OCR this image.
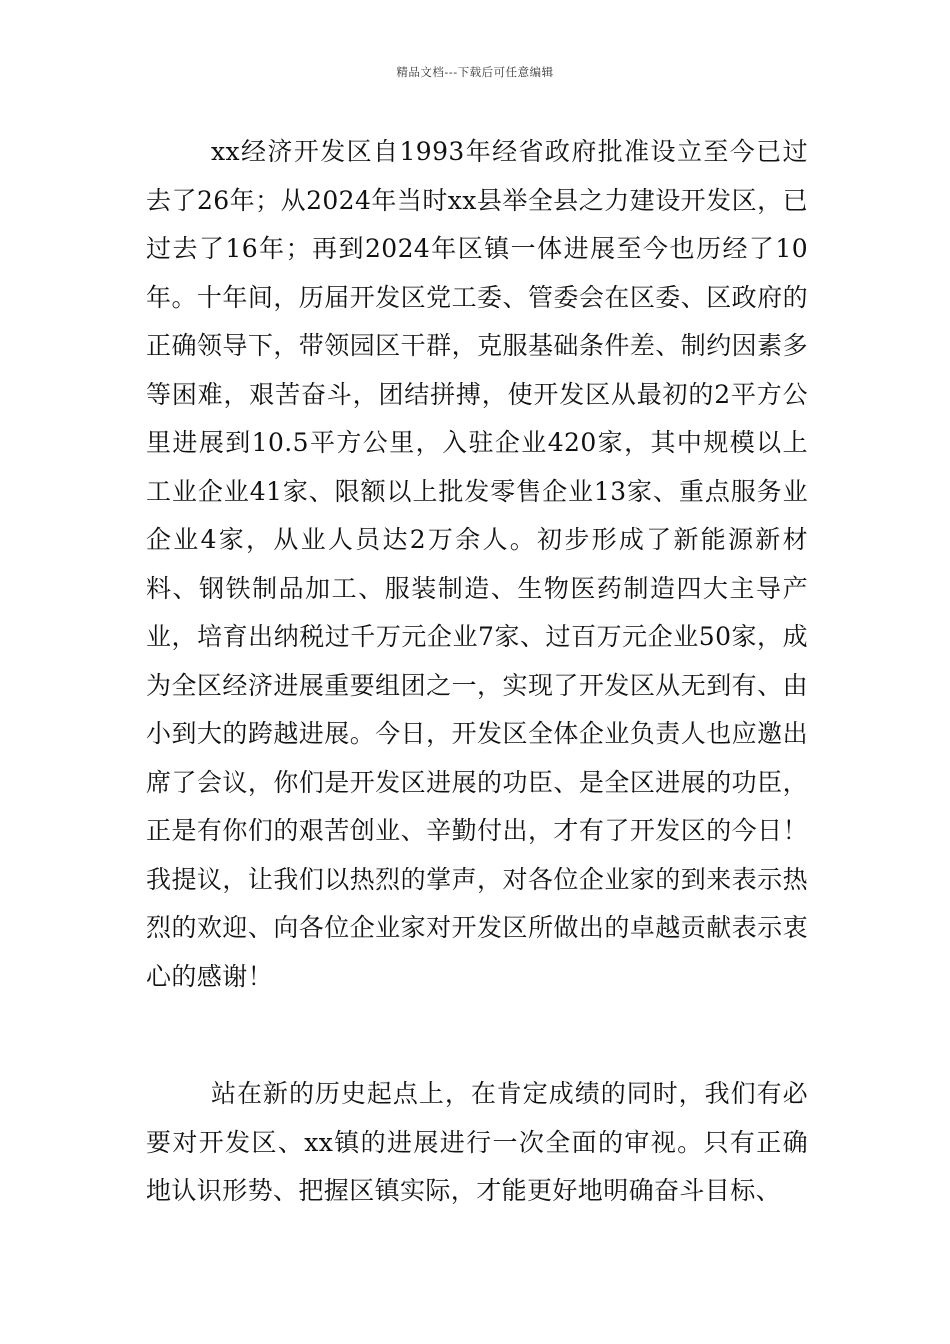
精品文档---下载后可任意编辑

xx经济开发区自1993年经省政府批准设立至今已过去了26年；从2024年当时xx县举全县之力建设开发区，已过去了16年；再到2024年区镇一体进展至今也历经了10年。十年间，历届开发区党工委、管委会在区委、区政府的正确领导下，带领园区干群，克服基础条件差、制约因素多等困难，艰苦奋斗，团结拼搏，使开发区从最初的2平方公里进展到10.5平方公里，入驻企业420家，其中规模以上工业企业41家、限额以上批发零售企业13家、重点服务业企业4家，从业人员达2万余人。初步形成了新能源新材料、钢铁制品加工、服装制造、生物医药制造四大主导产业，培育出纳税过千万元企业7家、过百万元企业50家，成为全区经济进展重要组团之一，实现了开发区从无到有、由小到大的跨越进展。今日，开发区全体企业负责人也应邀出席了会议，你们是开发区进展的功臣、是全区进展的功臣，正是有你们的艰苦创业、辛勤付出，才有了开发区的今日！我提议，让我们以热烈的掌声，对各位企业家的到来表示热烈的欢迎、向各位企业家对开发区所做出的卓越贡献表示衷心的感谢！

站在新的历史起点上，在肯定成绩的同时，我们有必要对开发区、xx镇的进展进行一次全面的审视。只有正确地认识形势、把握区镇实际，才能更好地明确奋斗目标、
